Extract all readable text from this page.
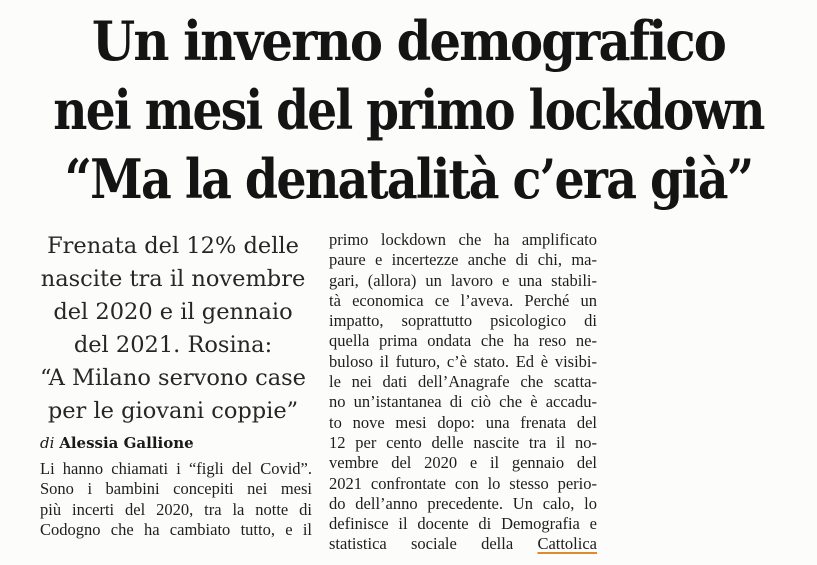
Un inverno demografico
nei mesi del primo lockdown
“Ma la denatalità c’era già”
Frenata del 12% delle
nascite tra il novembre
del 2020 e il gennaio
del 2021. Rosina:
“A Milano servono case
per le giovani coppie”
di Alessia Gallione
Li hanno chiamati i “figli del Covid”.
Sono i bambini concepiti nei mesi
più incerti del 2020, tra la notte di
Codogno che ha cambiato tutto, e il
primo lockdown che ha amplificato
paure e incertezze anche di chi, ma-
gari, (allora) un lavoro e una stabili-
tà economica ce l’aveva. Perché un
impatto, soprattutto psicologico di
quella prima ondata che ha reso ne-
buloso il futuro, c’è stato. Ed è visibi-
le nei dati dell’Anagrafe che scatta-
no un’istantanea di ciò che è accadu-
to nove mesi dopo: una frenata del
12 per cento delle nascite tra il no-
vembre del 2020 e il gennaio del
2021 confrontate con lo stesso perio-
do dell’anno precedente. Un calo, lo
definisce il docente di Demografia e
statistica sociale della Cattolica
